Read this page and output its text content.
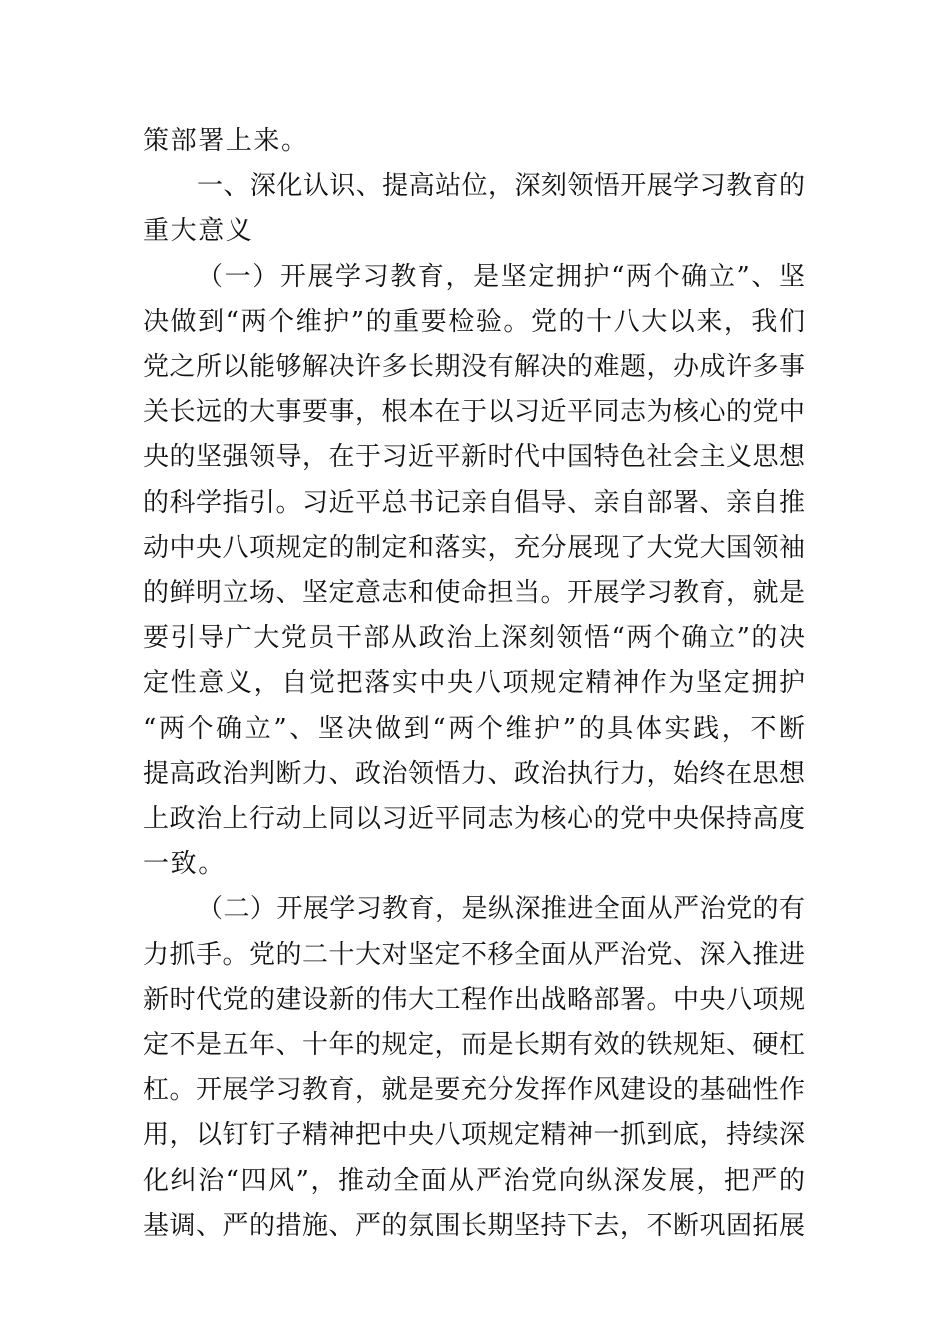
策部署上来。
一、深化认识、提高站位，深刻领悟开展学习教育的
重大意义
（一）开展学习教育，是坚定拥护“两个确立”、坚
决做到“两个维护”的重要检验。党的十八大以来，我们
党之所以能够解决许多长期没有解决的难题，办成许多事
关长远的大事要事，根本在于以习近平同志为核心的党中
央的坚强领导，在于习近平新时代中国特色社会主义思想
的科学指引。习近平总书记亲自倡导、亲自部署、亲自推
动中央八项规定的制定和落实，充分展现了大党大国领袖
的鲜明立场、坚定意志和使命担当。开展学习教育，就是
要引导广大党员干部从政治上深刻领悟“两个确立”的决
定性意义，自觉把落实中央八项规定精神作为坚定拥护
“两个确立”、坚决做到“两个维护”的具体实践，不断
提高政治判断力、政治领悟力、政治执行力，始终在思想
上政治上行动上同以习近平同志为核心的党中央保持高度
一致。
（二）开展学习教育，是纵深推进全面从严治党的有
力抓手。党的二十大对坚定不移全面从严治党、深入推进
新时代党的建设新的伟大工程作出战略部署。中央八项规
定不是五年、十年的规定，而是长期有效的铁规矩、硬杠
杠。开展学习教育，就是要充分发挥作风建设的基础性作
用，以钉钉子精神把中央八项规定精神一抓到底，持续深
化纠治“四风”，推动全面从严治党向纵深发展，把严的
基调、严的措施、严的氛围长期坚持下去，不断巩固拓展
